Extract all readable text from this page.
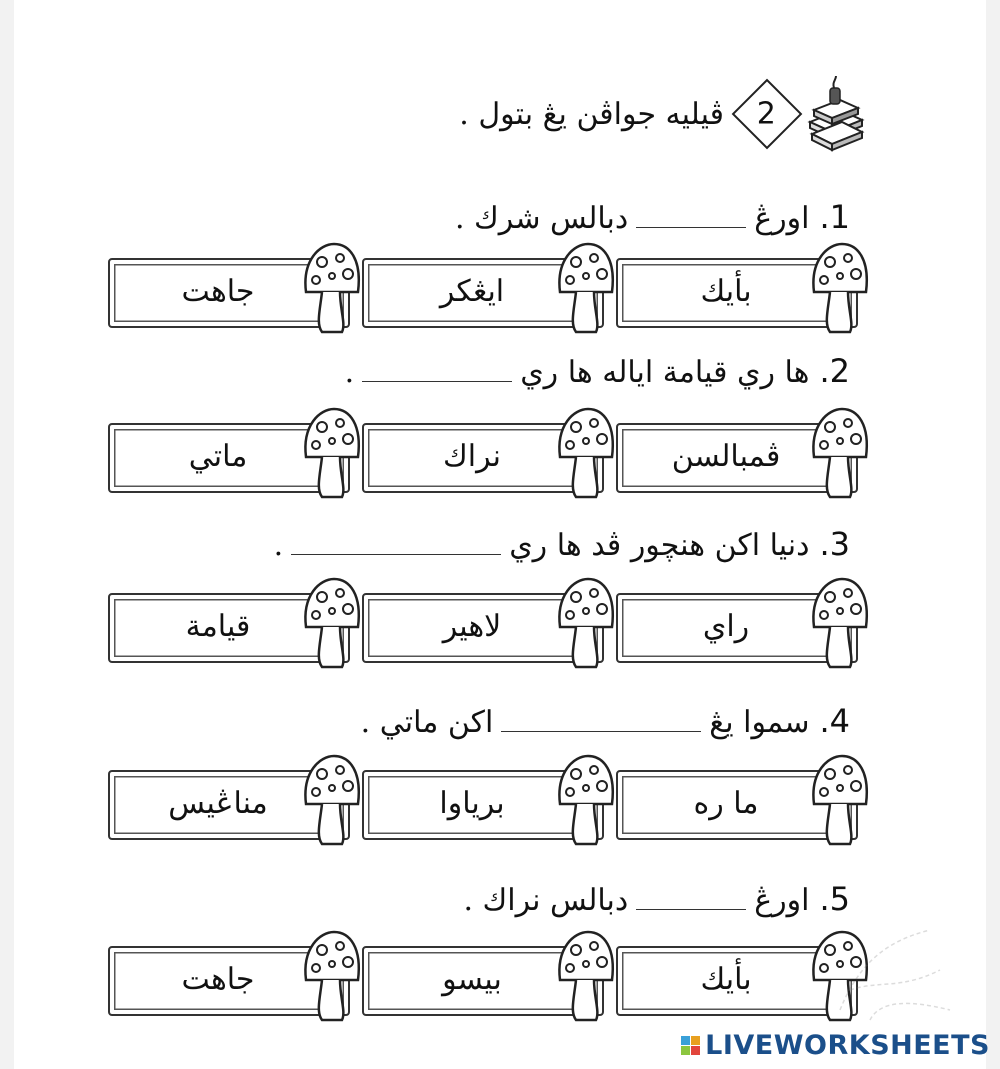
2
ڤيليه جواڤن يڠ بتول .
1.اورڠدبالس شرك .
بأيك
ايڠكر
جاهت
2.ها ري قيامة اياله ها ري.
ڤمبالسن
نراك
ماتي
3.دنيا اكن هنچور ڤد ها ري.
راي
لاهير
قيامة
4.سموا يڠاكن ماتي .
ما ره
برياوا
مناڠيس
5.اورڠدبالس نراك .
بأيك
بيسو
جاهت
LIVEWORKSHEETS
